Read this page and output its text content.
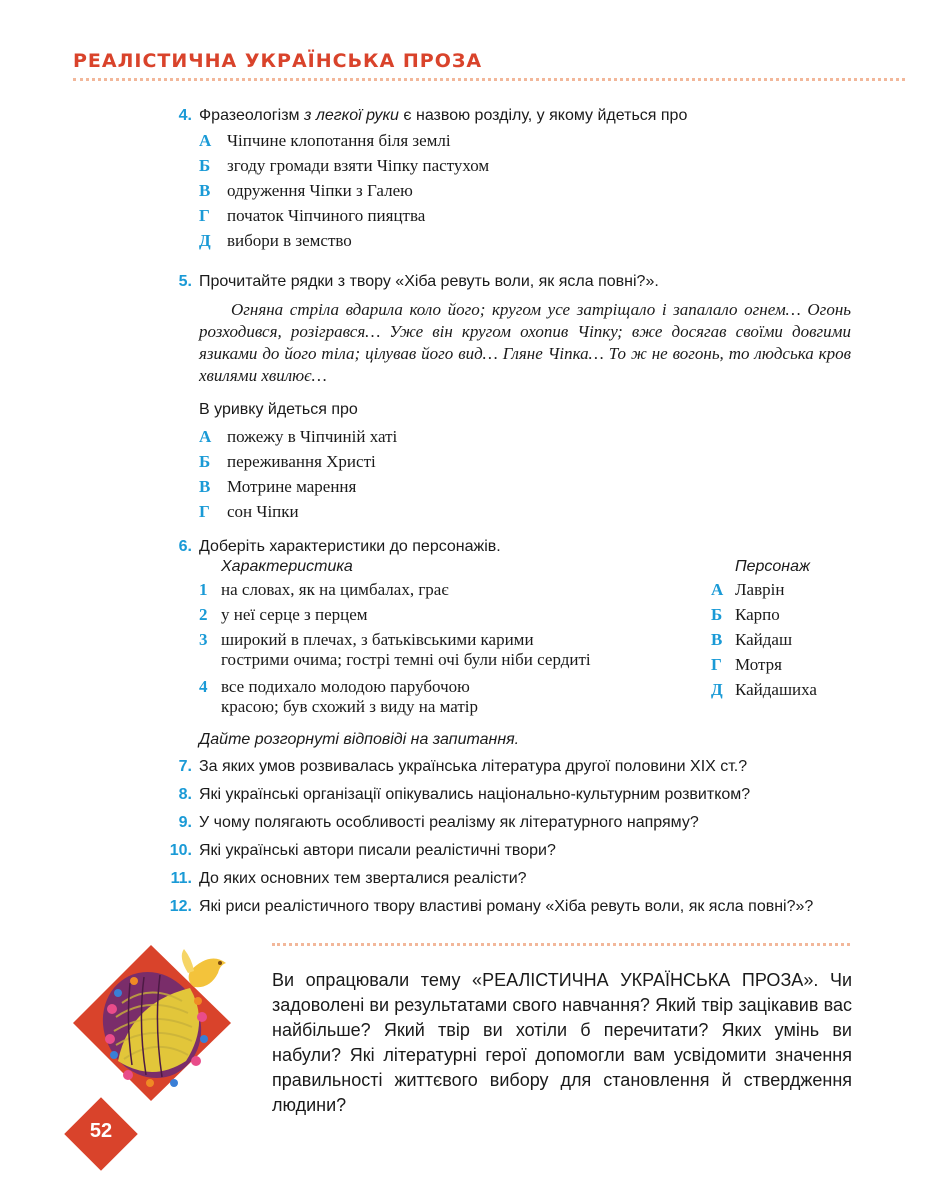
РЕАЛІСТИЧНА УКРАЇНСЬКА ПРОЗА
4. Фразеологізм з легкої руки є назвою розділу, у якому йдеться про
А Чіпчине клопотання біля землі
Б згоду громади взяти Чіпку пастухом
В одруження Чіпки з Галею
Г початок Чіпчиного пияцтва
Д вибори в земство
5. Прочитайте рядки з твору «Хіба ревуть воли, як ясла повні?».
Огняна стріла вдарила коло його; кругом усе затріщало і запалало огнем… Огонь розходився, розігрався… Уже він кругом охопив Чіпку; вже досягав своїми довгими язиками до його тіла; цілував його вид… Гляне Чіпка… То ж не вогонь, то людська кров хвилями хвилює…
В уривку йдеться про
А пожежу в Чіпчиній хаті
Б переживання Христі
В Мотрине марення
Г сон Чіпки
6. Доберіть характеристики до персонажів.
Характеристика	Персонаж
1 на словах, як на цимбалах, грає
2 у неї серце з перцем
3 широкий в плечах, з батьківськими карими
гострими очима; гострі темні очі були ніби сердиті
4 все подихало молодою парубочою
красою; був схожий з виду на матір
А Лаврін
Б Карпо
В Кайдаш
Г Мотря
Д Кайдашиха
Дайте розгорнуті відповіді на запитання.
7. За яких умов розвивалась українська література другої половини XIX ст.?
8. Які українські організації опікувались національно-культурним розвитком?
9. У чому полягають особливості реалізму як літературного напряму?
10. Які українські автори писали реалістичні твори?
11. До яких основних тем зверталися реалісти?
12. Які риси реалістичного твору властиві роману «Хіба ревуть воли, як ясла повні?»?
Ви опрацювали тему «РЕАЛІСТИЧНА УКРАЇНСЬКА ПРОЗА». Чи задоволені ви результатами свого навчання? Який твір зацікавив вас найбільше? Який твір ви хотіли б перечитати? Яких умінь ви набули? Які літературні герої допомогли вам усвідомити значення правильності життєвого вибору для становлення й ствердження людини?
52
